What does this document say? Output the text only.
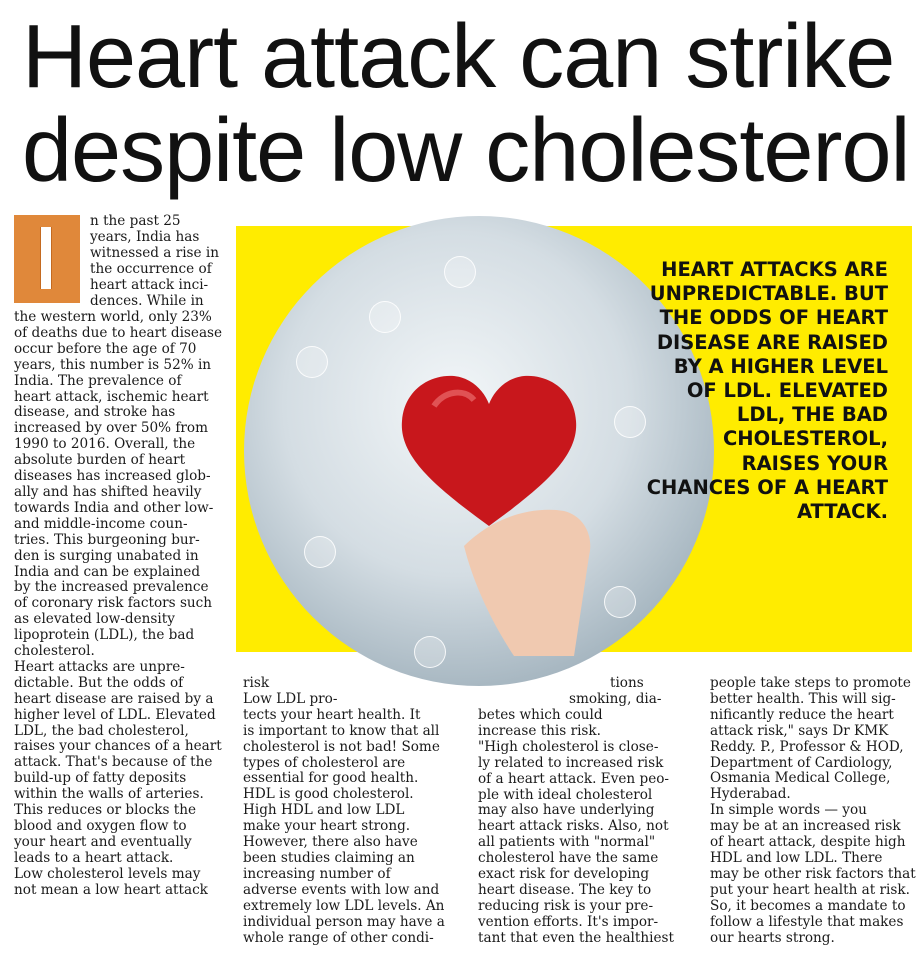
Heart attack can strike despite low cholesterol
n the past 25
years, India has
witnessed a rise in
the occurrence of
heart attack inci-
dences. While in
the western world, only 23%
of deaths due to heart disease
occur before the age of 70
years, this number is 52% in
India. The prevalence of
heart attack, ischemic heart
disease, and stroke has
increased by over 50% from
1990 to 2016. Overall, the
absolute burden of heart
diseases has increased glob-
ally and has shifted heavily
towards India and other low-
and middle-income coun-
tries. This burgeoning bur-
den is surging unabated in
India and can be explained
by the increased prevalence
of coronary risk factors such
as elevated low-density
lipoprotein (LDL), the bad
cholesterol.
Heart attacks are unpre-
dictable. But the odds of
heart disease are raised by a
higher level of LDL. Elevated
LDL, the bad cholesterol,
raises your chances of a heart
attack. That's because of the
build-up of fatty deposits
within the walls of arteries.
This reduces or blocks the
blood and oxygen flow to
your heart and eventually
leads to a heart attack.
Low cholesterol levels may
not mean a low heart attack

HEART ATTACKS ARE UNPREDICTABLE. BUT THE ODDS OF HEART DISEASE ARE RAISED BY A HIGHER LEVEL OF LDL. ELEVATED LDL, THE BAD CHOLESTEROL, RAISES YOUR CHANCES OF A HEART ATTACK.

risk
Low LDL pro-
tects your heart health. It
is important to know that all
cholesterol is not bad! Some
types of cholesterol are
essential for good health.
HDL is good cholesterol.
High HDL and low LDL
make your heart strong.
However, there also have
been studies claiming an
increasing number of
adverse events with low and
extremely low LDL levels. An
individual person may have a
whole range of other condi-
tions
smoking, dia-
betes which could
increase this risk.
"High cholesterol is close-
ly related to increased risk
of a heart attack. Even peo-
ple with ideal cholesterol
may also have underlying
heart attack risks. Also, not
all patients with "normal"
cholesterol have the same
exact risk for developing
heart disease. The key to
reducing risk is your pre-
vention efforts. It's impor-
tant that even the healthiest
people take steps to promote
better health. This will sig-
nificantly reduce the heart
attack risk," says Dr KMK
Reddy. P., Professor & HOD,
Department of Cardiology,
Osmania Medical College,
Hyderabad.
In simple words — you
may be at an increased risk
of heart attack, despite high
HDL and low LDL. There
may be other risk factors that
put your heart health at risk.
So, it becomes a mandate to
follow a lifestyle that makes
our hearts strong.
